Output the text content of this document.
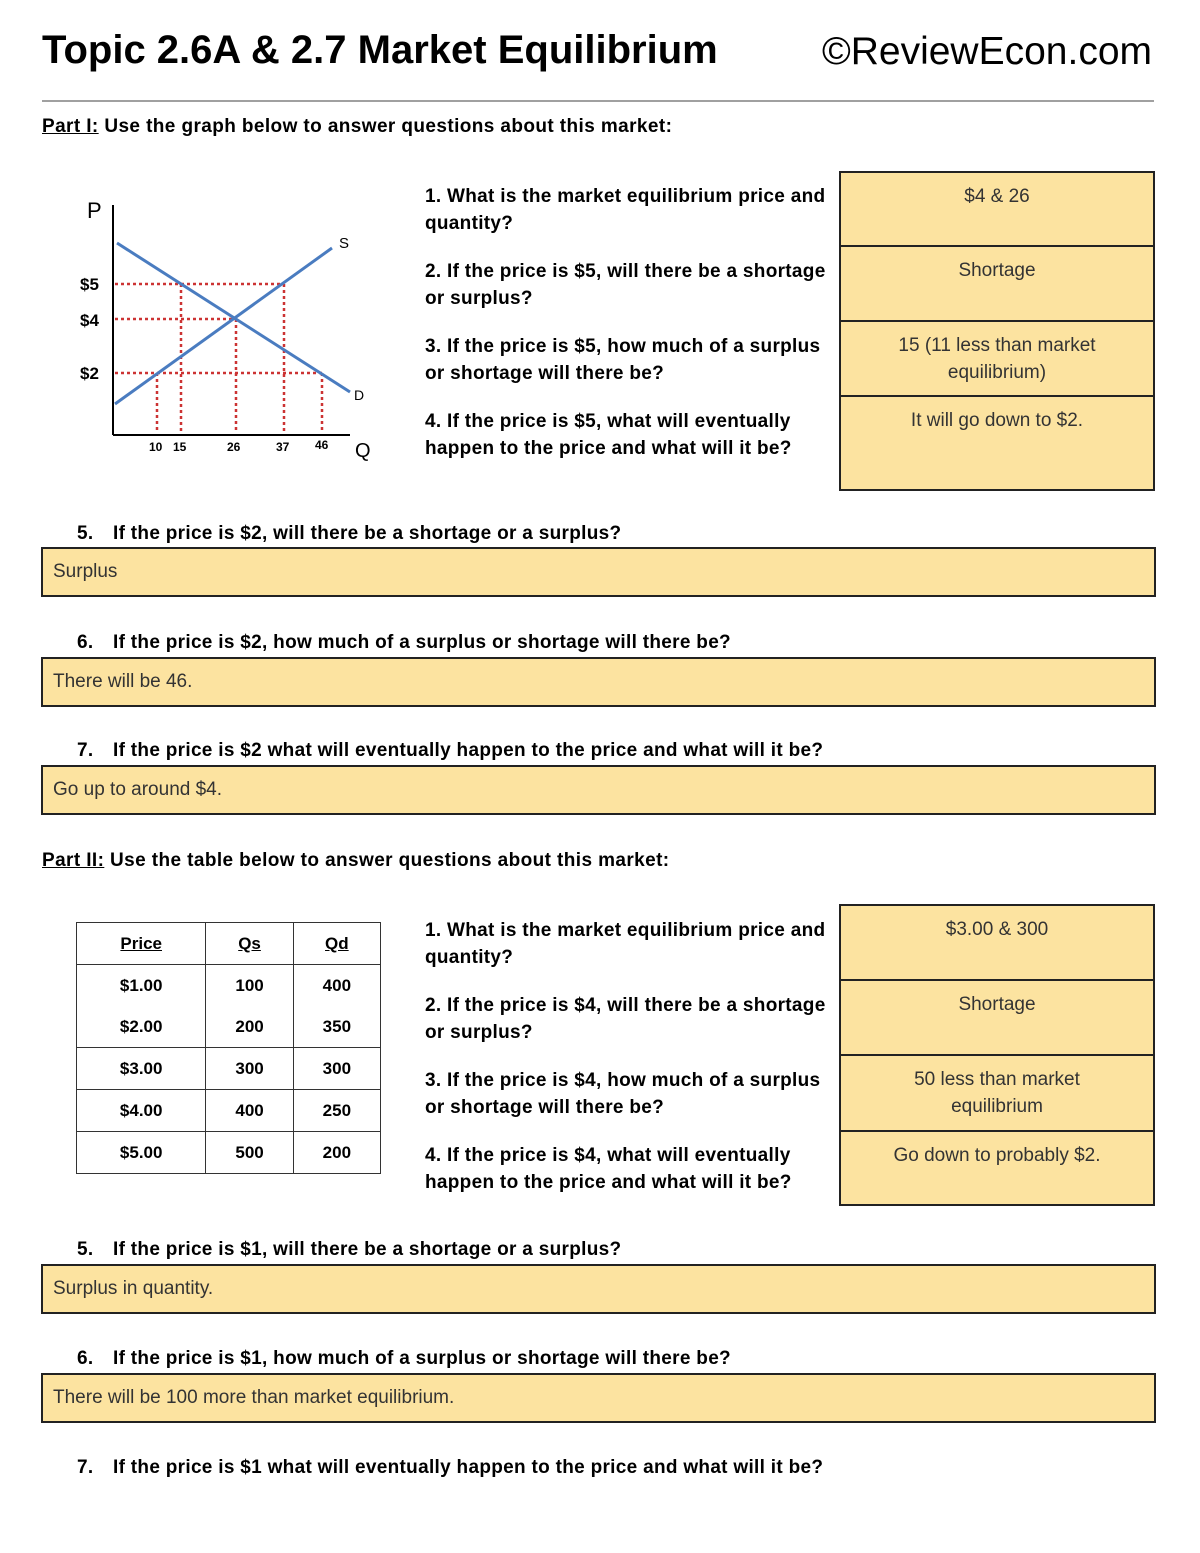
Topic 2.6A & 2.7 Market Equilibrium	©ReviewEcon.com
Part I: Use the graph below to answer questions about this market:
P
Q
S
D
$5
$4
$2
10 15	26	37 46
1. What is the market equilibrium price and quantity?
2. If the price is $5, will there be a shortage or surplus?
3. If the price is $5, how much of a surplus or shortage will there be?
4. If the price is $5, what will eventually happen to the price and what will it be?
$4 & 26
Shortage
15 (11 less than market equilibrium)
It will go down to $2.
5. If the price is $2, will there be a shortage or a surplus?
Surplus
6. If the price is $2, how much of a surplus or shortage will there be?
There will be 46.
7. If the price is $2 what will eventually happen to the price and what will it be?
Go up to around $4.
Part II: Use the table below to answer questions about this market:
Price	Qs	Qd
$1.00	100	400
$2.00	200	350
$3.00	300	300
$4.00	400	250
$5.00	500	200
1. What is the market equilibrium price and quantity?
2. If the price is $4, will there be a shortage or surplus?
3. If the price is $4, how much of a surplus or shortage will there be?
4. If the price is $4, what will eventually happen to the price and what will it be?
$3.00 & 300
Shortage
50 less than market equilibrium
Go down to probably $2.
5. If the price is $1, will there be a shortage or a surplus?
Surplus in quantity.
6. If the price is $1, how much of a surplus or shortage will there be?
There will be 100 more than market equilibrium.
7. If the price is $1 what will eventually happen to the price and what will it be?
